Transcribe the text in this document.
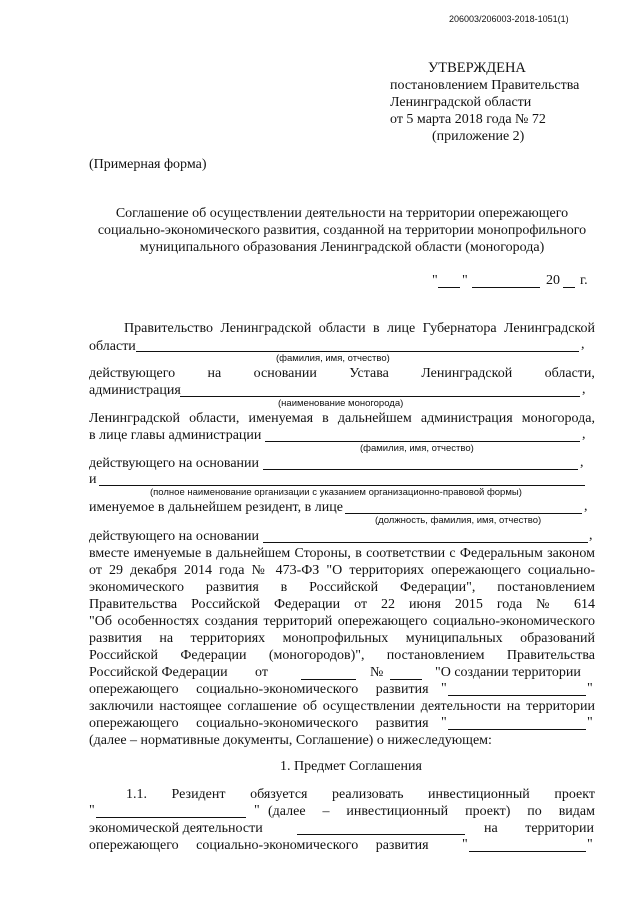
206003/206003-2018-1051(1)
УТВЕРЖДЕНА
постановлением Правительства
Ленинградской области
от 5 марта 2018 года № 72
(приложение 2)
(Примерная форма)
Соглашение об осуществлении деятельности на территории опережающего
социально-экономического развития, созданной на территории монопрофильного
муниципального образования Ленинградской области (моногорода)
" "	20 г.
Правительство Ленинградской области в лице Губернатора Ленинградской
области	,
(фамилия, имя, отчество)
действующего на основании Устава Ленинградской области,
администрация	,
(наименование моногорода)
Ленинградской области, именуемая в дальнейшем администрация моногорода,
в лице главы администрации	,
(фамилия, имя, отчество)
действующего на основании	,
и
(полное наименование организации с указанием организационно-правовой формы)
именуемое в дальнейшем резидент, в лице	,
(должность, фамилия, имя, отчество)
действующего на основании	,
вместе именуемые в дальнейшем Стороны, в соответствии с Федеральным законом
от 29 декабря 2014 года № 473-ФЗ "О территориях опережающего социально-
экономического развития в Российской Федерации", постановлением
Правительства Российской Федерации от 22 июня 2015 года № 614
"Об особенностях создания территорий опережающего социально-экономического
развития на территориях монопрофильных муниципальных образований
Российской Федерации (моногородов)", постановлением Правительства
Российской Федерации от	№	"О создании территории
опережающего социально-экономического развития "	"
заключили настоящее соглашение об осуществлении деятельности на территории
опережающего социально-экономического развития "	"
(далее – нормативные документы, Соглашение) о нижеследующем:
1. Предмет Соглашения
1.1. Резидент обязуется реализовать инвестиционный проект
"	" (далее – инвестиционный проект) по видам
экономической деятельности	на территории
опережающего социально-экономического развития "	"
